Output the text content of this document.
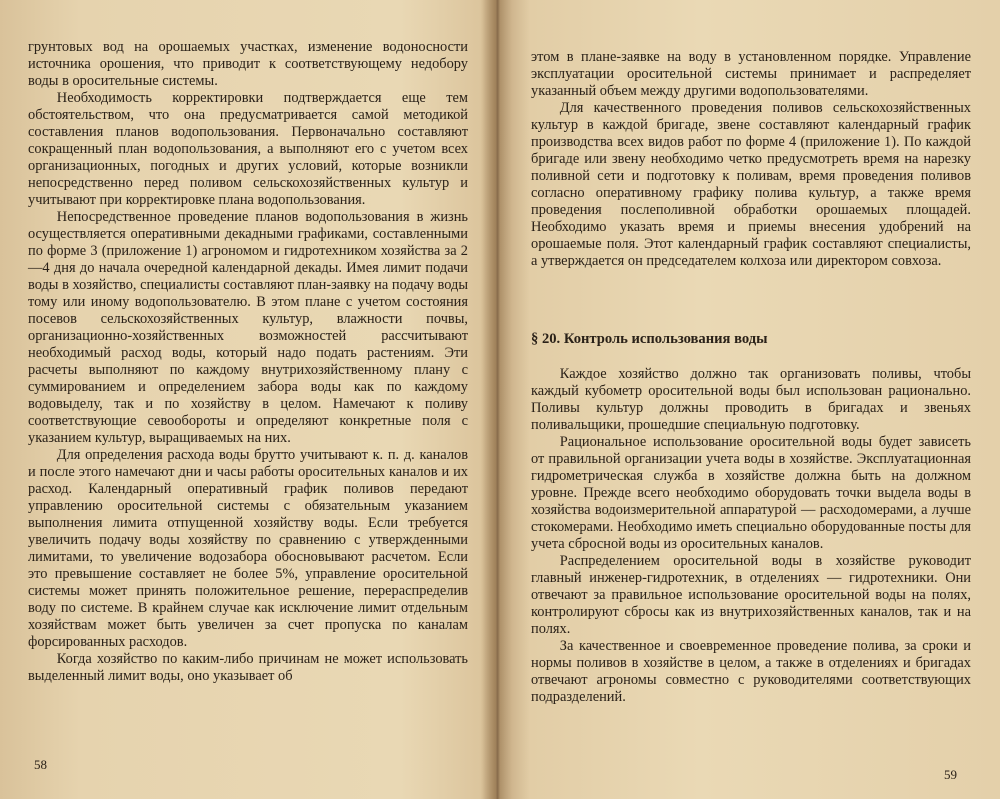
грунтовых вод на орошаемых участках, изменение водоносности источника орошения, что приводит к соответствующему недобору воды в оросительные системы.

Необходимость корректировки подтверждается еще тем обстоятельством, что она предусматривается самой методикой составления планов водопользования. Первоначально составляют сокращенный план водопользования, а выполняют его с учетом всех организационных, погодных и других условий, которые возникли непосредственно перед поливом сельскохозяйственных культур и учитывают при корректировке плана водопользования.

Непосредственное проведение планов водопользования в жизнь осуществляется оперативными декадными графиками, составленными по форме 3 (приложение 1) агрономом и гидротехником хозяйства за 2—4 дня до начала очередной календарной декады. Имея лимит подачи воды в хозяйство, специалисты составляют план-заявку на подачу воды тому или иному водопользователю. В этом плане с учетом состояния посевов сельскохозяйственных культур, влажности почвы, организационно-хозяйственных возможностей рассчитывают необходимый расход воды, который надо подать растениям. Эти расчеты выполняют по каждому внутрихозяйственному плану с суммированием и определением забора воды как по каждому водовыделу, так и по хозяйству в целом. Намечают к поливу соответствующие севообороты и определяют конкретные поля с указанием культур, выращиваемых на них.

Для определения расхода воды брутто учитывают к. п. д. каналов и после этого намечают дни и часы работы оросительных каналов и их расход. Календарный оперативный график поливов передают управлению оросительной системы с обязательным указанием выполнения лимита отпущенной хозяйству воды. Если требуется увеличить подачу воды хозяйству по сравнению с утвержденными лимитами, то увеличение водозабора обосновывают расчетом. Если это превышение составляет не более 5%, управление оросительной системы может принять положительное решение, перераспределив воду по системе. В крайнем случае как исключение лимит отдельным хозяйствам может быть увеличен за счет пропуска по каналам форсированных расходов.

Когда хозяйство по каким-либо причинам не может использовать выделенный лимит воды, оно указывает об

58

этом в плане-заявке на воду в установленном порядке. Управление эксплуатации оросительной системы принимает и распределяет указанный объем между другими водопользователями.

Для качественного проведения поливов сельскохозяйственных культур в каждой бригаде, звене составляют календарный график производства всех видов работ по форме 4 (приложение 1). По каждой бригаде или звену необходимо четко предусмотреть время на нарезку поливной сети и подготовку к поливам, время проведения поливов согласно оперативному графику полива культур, а также время проведения послеполивной обработки орошаемых площадей. Необходимо указать время и приемы внесения удобрений на орошаемые поля. Этот календарный график составляют специалисты, а утверждается он председателем колхоза или директором совхоза.

§ 20. Контроль использования воды

Каждое хозяйство должно так организовать поливы, чтобы каждый кубометр оросительной воды был использован рационально. Поливы культур должны проводить в бригадах и звеньях поливальщики, прошедшие специальную подготовку.

Рациональное использование оросительной воды будет зависеть от правильной организации учета воды в хозяйстве. Эксплуатационная гидрометрическая служба в хозяйстве должна быть на должном уровне. Прежде всего необходимо оборудовать точки выдела воды в хозяйства водоизмерительной аппаратурой — расходомерами, а лучше стокомерами. Необходимо иметь специально оборудованные посты для учета сбросной воды из оросительных каналов.

Распределением оросительной воды в хозяйстве руководит главный инженер-гидротехник, в отделениях — гидротехники. Они отвечают за правильное использование оросительной воды на полях, контролируют сбросы как из внутрихозяйственных каналов, так и на полях.

За качественное и своевременное проведение полива, за сроки и нормы поливов в хозяйстве в целом, а также в отделениях и бригадах отвечают агрономы совместно с руководителями соответствующих подразделений.

59
